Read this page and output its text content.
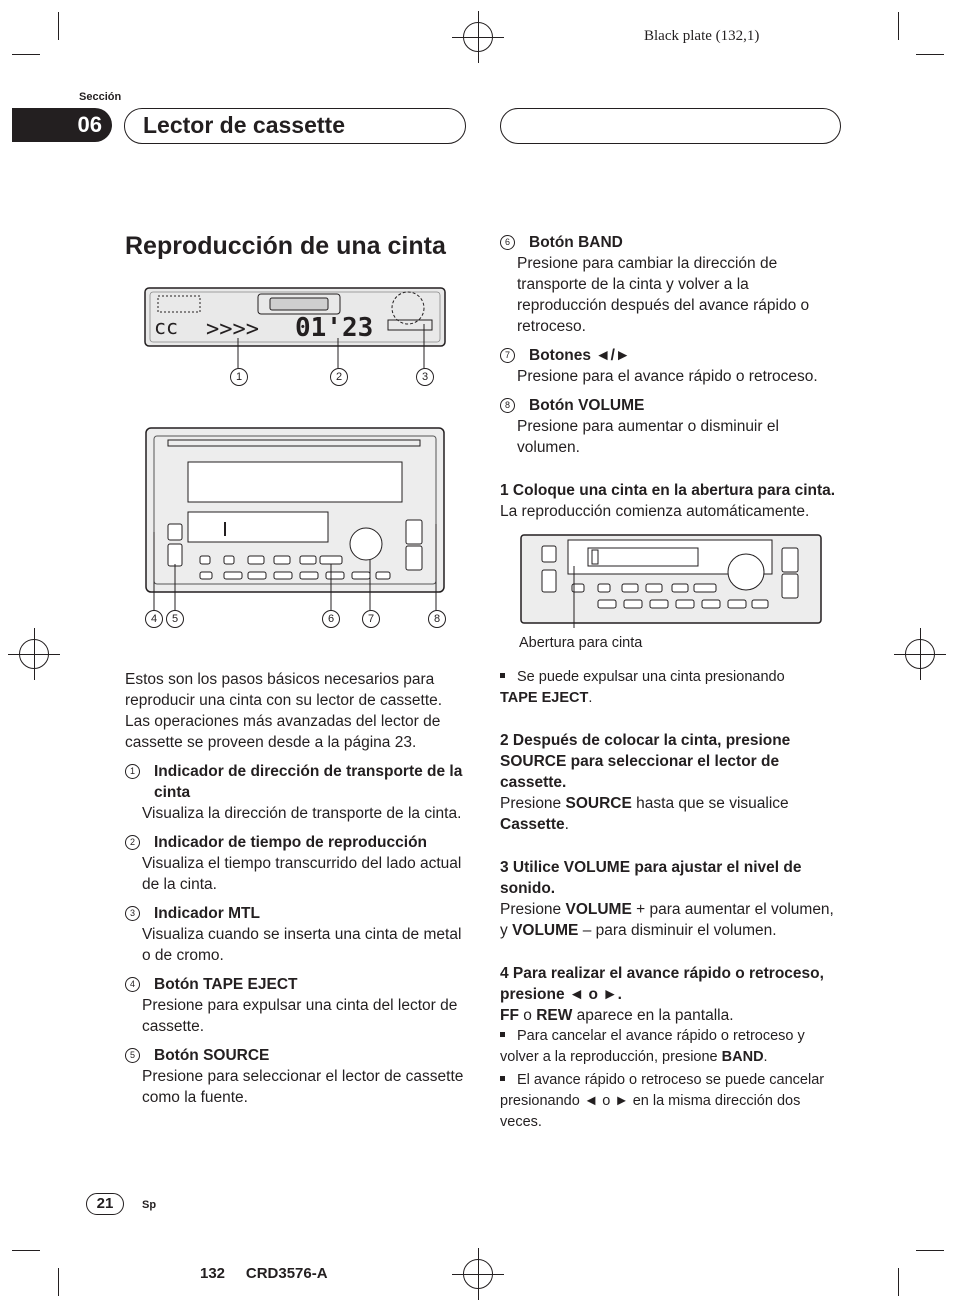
Black plate (132,1)
Sección
06	Lector de cassette
Reproducción de una cinta
cc >>>> 01'23
1	2	3
4	5	6	7	8

Estos son los pasos básicos necesarios para reproducir una cinta con su lector de cassette. Las operaciones más avanzadas del lector de cassette se proveen desde a la página 23.

1	Indicador de dirección de transporte de la cinta

Visualiza la dirección de transporte de la cinta.

2	Indicador de tiempo de reproducción

Visualiza el tiempo transcurrido del lado actual de la cinta.

3	Indicador MTL

Visualiza cuando se inserta una cinta de metal o de cromo.

4	Botón TAPE EJECT

Presione para expulsar una cinta del lector de cassette.

5	Botón SOURCE

Presione para seleccionar el lector de cassette como la fuente.

6	Botón BAND

Presione para cambiar la dirección de transporte de la cinta y volver a la reproducción después del avance rápido o retroceso.

7	Botones ◄/►

Presione para el avance rápido o retroceso.

8	Botón VOLUME

Presione para aumentar o disminuir el volumen.

1 Coloque una cinta en la abertura para cinta.

La reproducción comienza automáticamente.

Abertura para cinta

Se puede expulsar una cinta presionando
TAPE EJECT.

2 Después de colocar la cinta, presione SOURCE para seleccionar el lector de cassette.

Presione SOURCE hasta que se visualice Cassette.

3 Utilice VOLUME para ajustar el nivel de sonido.

Presione VOLUME + para aumentar el volumen, y VOLUME – para disminuir el volumen.

4 Para realizar el avance rápido o retroceso, presione ◄ o ►.

FF o REW aparece en la pantalla.

Para cancelar el avance rápido o retroceso y volver a la reproducción, presione BAND.

El avance rápido o retroceso se puede cancelar presionando ◄ o ► en la misma dirección dos veces.

21	Sp
132     CRD3576-A
